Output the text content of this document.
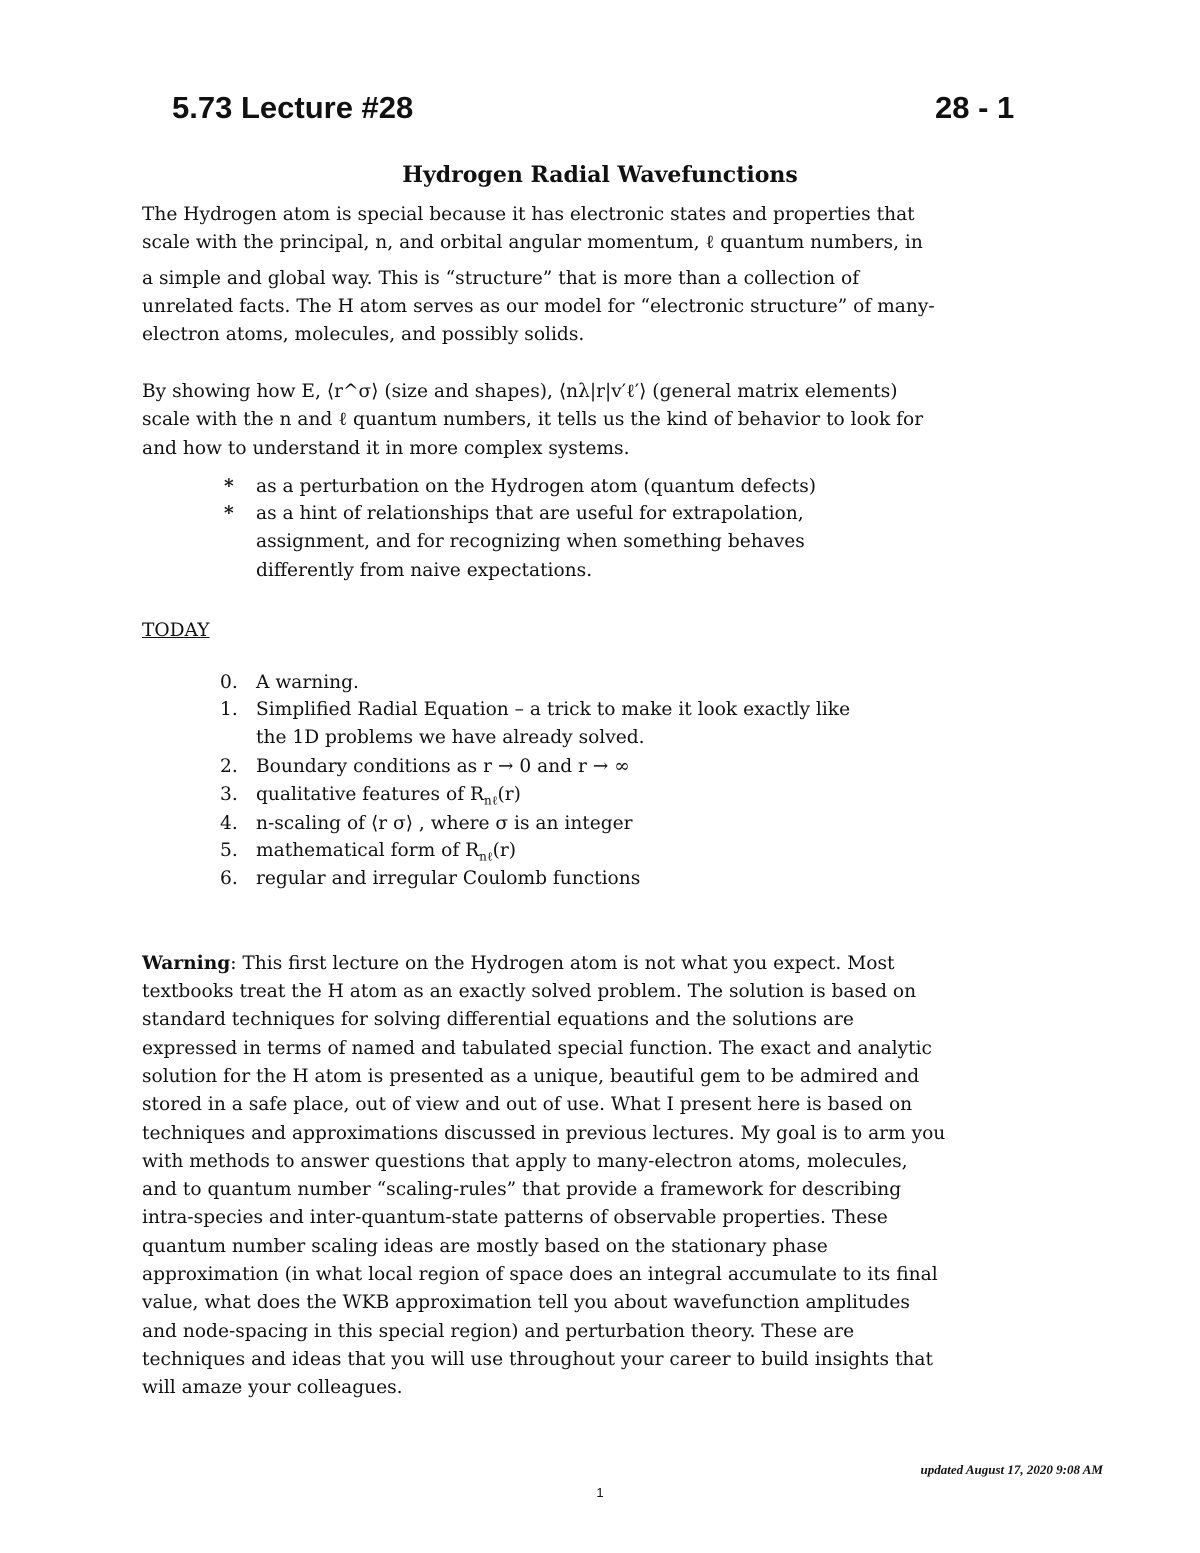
5.73 Lecture #28	28 - 1
Hydrogen Radial Wavefunctions
The Hydrogen atom is special because it has electronic states and properties that
scale with the principal, n, and orbital angular momentum, ℓ quantum numbers, in
a simple and global way. This is “structure” that is more than a collection of
unrelated facts. The H atom serves as our model for “electronic structure” of many-
electron atoms, molecules, and possibly solids.
By showing how E, ⟨r^σ⟩ (size and shapes), ⟨nλ|r|v′ℓ′⟩ (general matrix elements)
scale with the n and ℓ quantum numbers, it tells us the kind of behavior to look for
and how to understand it in more complex systems.
* as a perturbation on the Hydrogen atom (quantum defects)
* as a hint of relationships that are useful for extrapolation,
assignment, and for recognizing when something behaves
differently from naive expectations.
TODAY
0. A warning.
1. Simplified Radial Equation – a trick to make it look exactly like
the 1D problems we have already solved.
2. Boundary conditions as r → 0 and r → ∞
3. qualitative features of $R_{n\ell}(r)$
4. n-scaling of ⟨r σ⟩ , where σ is an integer
5. mathematical form of $R_{n\ell}(r)$
6. regular and irregular Coulomb functions
Warning: This first lecture on the Hydrogen atom is not what you expect. Most
textbooks treat the H atom as an exactly solved problem. The solution is based on
standard techniques for solving differential equations and the solutions are
expressed in terms of named and tabulated special function. The exact and analytic
solution for the H atom is presented as a unique, beautiful gem to be admired and
stored in a safe place, out of view and out of use. What I present here is based on
techniques and approximations discussed in previous lectures. My goal is to arm you
with methods to answer questions that apply to many-electron atoms, molecules,
and to quantum number “scaling-rules” that provide a framework for describing
intra-species and inter-quantum-state patterns of observable properties. These
quantum number scaling ideas are mostly based on the stationary phase
approximation (in what local region of space does an integral accumulate to its final
value, what does the WKB approximation tell you about wavefunction amplitudes
and node-spacing in this special region) and perturbation theory. These are
techniques and ideas that you will use throughout your career to build insights that
will amaze your colleagues.
updated August 17, 2020 9:08 AM
1
